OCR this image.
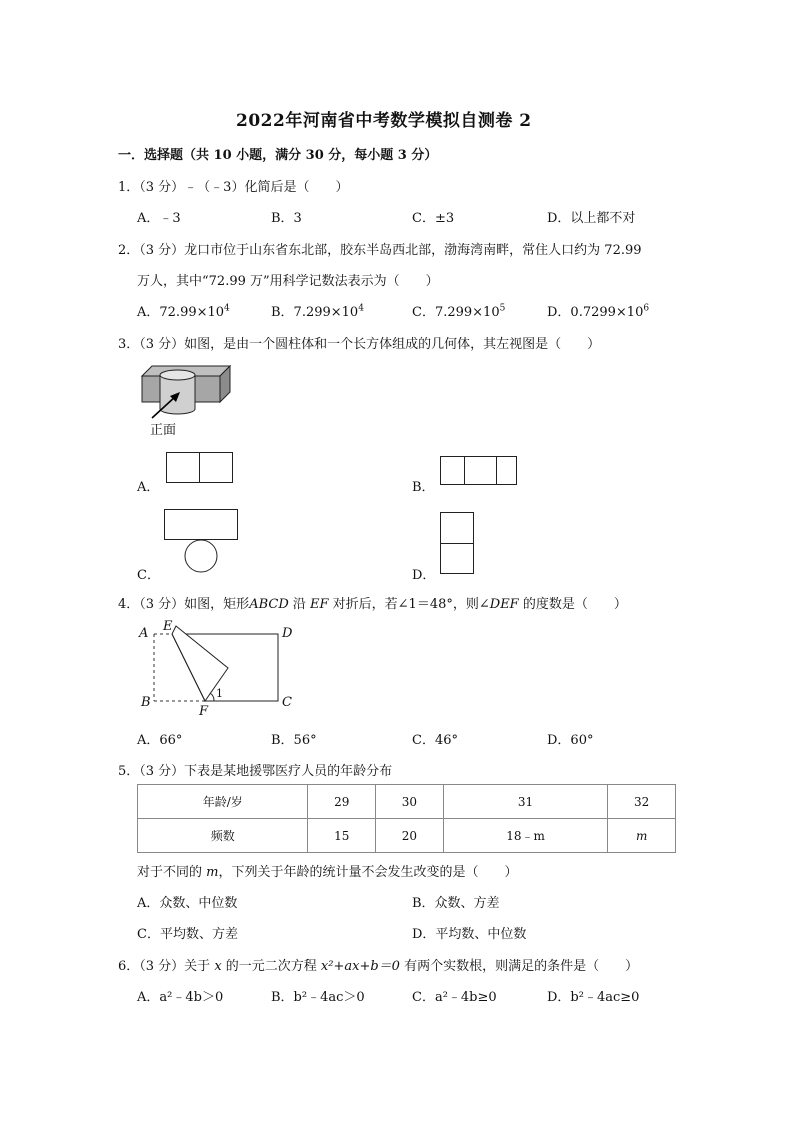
2022年河南省中考数学模拟自测卷 2
一．选择题（共 10 小题，满分 30 分，每小题 3 分）
1．（3 分）﹣（﹣3）化简后是（　　）
A．﹣3	B．3	C．±3	D．以上都不对
2．（3 分）龙口市位于山东省东北部，胶东半岛西北部，渤海湾南畔，常住人口约为 72.99
万人，其中“72.99 万”用科学记数法表示为（　　）
A．$72.99\times 10^4$	B．$7.299\times 10^4$	C．$7.299\times 10^5$	D．$0.7299\times 10^6$
3．（3 分）如图，是由一个圆柱体和一个长方体组成的几何体，其左视图是（　　）
正面
A．	B．
C．	D．
4．（3 分）如图，矩形ABCD 沿 EF 对折后，若∠1＝48°，则∠DEF 的度数是（　　）
A E	D
B
F
C
1
A．66°	B．56°	C．46°	D．60°
5．（3 分）下表是某地援鄂医疗人员的年龄分布
年龄/岁	29	30	31	32
频数	15	20	18﹣m	m
对于不同的 m，下列关于年龄的统计量不会发生改变的是（　　）
A．众数、中位数	B．众数、方差
C．平均数、方差	D．平均数、中位数
6．（3 分）关于 x 的一元二次方程 x²+ax+b＝0 有两个实数根，则满足的条件是（　　）
A．a²﹣4b＞0	B．b²﹣4ac＞0	C．a²﹣4b≥0	D．b²﹣4ac≥0
